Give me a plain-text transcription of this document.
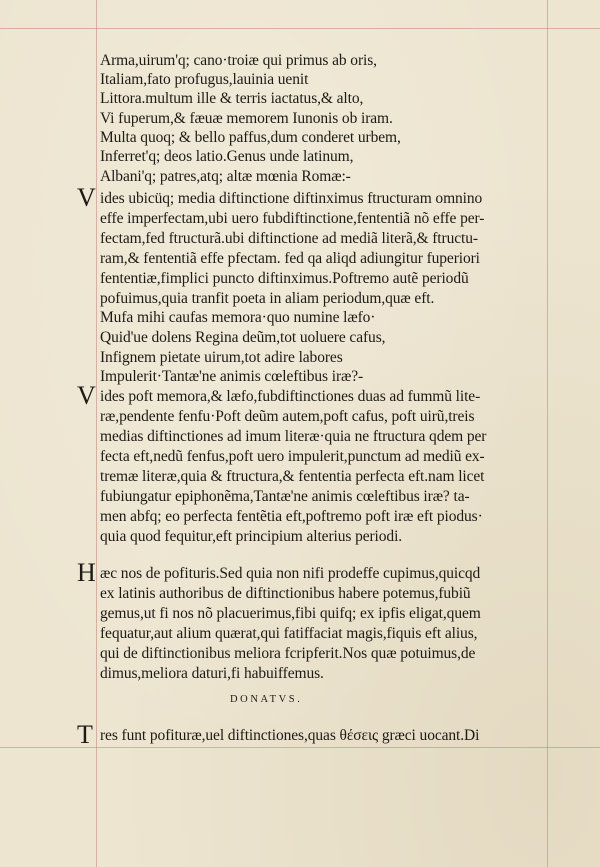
Arma,uirum'q; cano·troiæ qui primus ab oris,
Italiam,fato profugus,lauinia uenit
Littora.multum ille & terris iactatus,& alto,
Vi fuperum,& fæuæ memorem Iunonis ob iram.
Multa quoq; & bello paffus,dum conderet urbem,
Inferret'q; deos latio.Genus unde latinum,
Albani'q; patres,atq; altæ mœnia Romæ:-
V ides ubicüq; media diftinctione diftinximus ftructuram omnino
effe imperfectam,ubi uero fubdiftinctione,fententiã nõ effe per-
fectam,fed ftructurã.ubi diftinctione ad mediã literã,& ftructu-
ram,& fententiã effe pfectam. fed qa aliqd adiungitur fuperiori
fententiæ,fimplici puncto diftinximus.Poftremo autẽ periodũ
pofuimus,quia tranfit poeta in aliam periodum,quæ eft.
Mufa mihi caufas memora·quo numine læfo·
Quid'ue dolens Regina deũm,tot uoluere cafus,
Infignem pietate uirum,tot adire labores
Impulerit·Tantæ'ne animis cœleftibus iræ?-
V ides poft memora,& læfo,fubdiftinctiones duas ad fummũ lite-
ræ,pendente fenfu·Poft deũm autem,poft cafus, poft uirũ,treis
medias diftinctiones ad imum literæ·quia ne ftructura qdem per
fecta eft,nedũ fenfus,poft uero impulerit,punctum ad mediũ ex-
tremæ literæ,quia & ftructura,& fententia perfecta eft.nam licet
fubiungatur epiphonẽma,Tantæ'ne animis cœleftibus iræ? ta-
men abfq; eo perfecta fentẽtia eft,poftremo poft iræ eft piodus·
quia quod fequitur,eft principium alterius periodi.
H æc nos de pofituris.Sed quia non nifi prodeffe cupimus,quicqd
ex latinis authoribus de diftinctionibus habere potemus,fubiũ
gemus,ut fi nos nõ placuerimus,fibi quifq; ex ipfis eligat,quem
fequatur,aut alium quærat,qui fatiffaciat magis,fiquis eft alius,
qui de diftinctionibus meliora fcripferit.Nos quæ potuimus,de
dimus,meliora daturi,fi habuiffemus.
DONATVS.
T res funt pofituræ,uel diftinctiones,quas θέσεις græci uocant.Di
